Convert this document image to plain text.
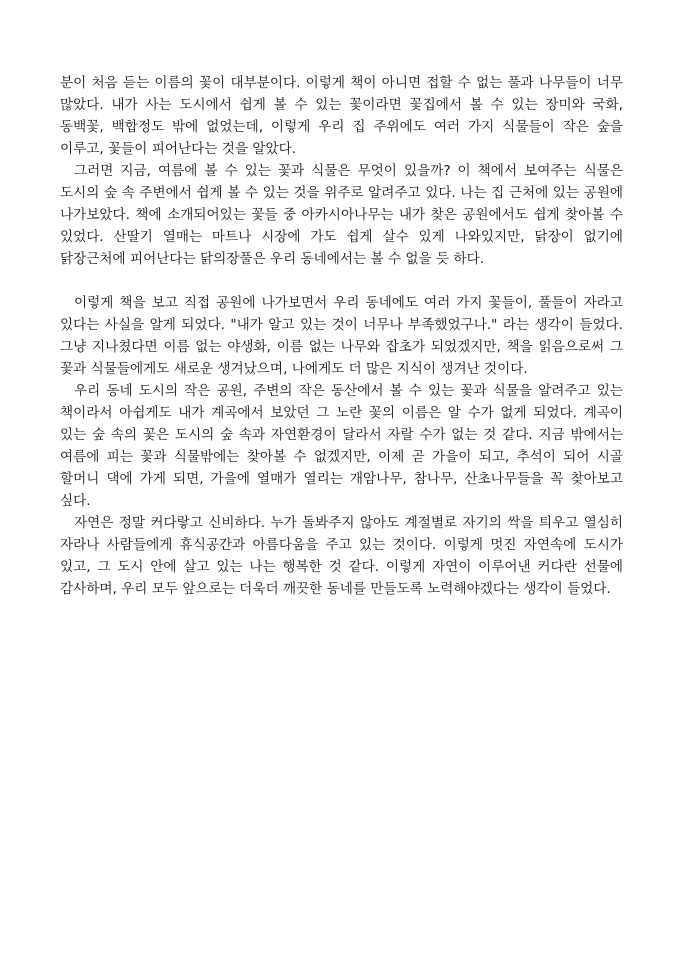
분이 처음 듣는 이름의 꽃이 대부분이다. 이렇게 책이 아니면 접할 수 없는 풀과 나무들이 너무 많았다. 내가 사는 도시에서 쉽게 볼 수 있는 꽃이라면 꽃집에서 볼 수 있는 장미와 국화, 동백꽃, 백합정도 밖에 없었는데, 이렇게 우리 집 주위에도 여러 가지 식물들이 작은 숲을 이루고, 꽃들이 피어난다는 것을 알았다.

그러면 지금, 여름에 볼 수 있는 꽃과 식물은 무엇이 있을까? 이 책에서 보여주는 식물은 도시의 숲 속 주변에서 쉽게 볼 수 있는 것을 위주로 알려주고 있다. 나는 집 근처에 있는 공원에 나가보았다. 책에 소개되어있는 꽃들 중 아카시아나무는 내가 찾은 공원에서도 쉽게 찾아볼 수 있었다. 산딸기 열매는 마트나 시장에 가도 쉽게 살수 있게 나와있지만, 닭장이 없기에 닭장근처에 피어난다는 닭의장풀은 우리 동네에서는 볼 수 없을 듯 하다.

이렇게 책을 보고 직접 공원에 나가보면서 우리 동네에도 여러 가지 꽃들이, 풀들이 자라고 있다는 사실을 알게 되었다. "내가 알고 있는 것이 너무나 부족했었구나." 라는 생각이 들었다. 그냥 지나쳤다면 이름 없는 야생화, 이름 없는 나무와 잡초가 되었겠지만, 책을 읽음으로써 그 꽃과 식물들에게도 새로운 생겨났으며, 나에게도 더 많은 지식이 생겨난 것이다.

우리 동네 도시의 작은 공원, 주변의 작은 동산에서 볼 수 있는 꽃과 식물을 알려주고 있는 책이라서 아쉽게도 내가 계곡에서 보았던 그 노란 꽃의 이름은 알 수가 없게 되었다. 계곡이 있는 숲 속의 꽃은 도시의 숲 속과 자연환경이 달라서 자랄 수가 없는 것 같다. 지금 밖에서는 여름에 피는 꽃과 식물밖에는 찾아볼 수 없겠지만, 이제 곧 가을이 되고, 추석이 되어 시골 할머니 댁에 가게 되면, 가을에 열매가 열리는 개암나무, 참나무, 산초나무들을 꼭 찾아보고 싶다.

자연은 정말 커다랗고 신비하다. 누가 돌봐주지 않아도 계절별로 자기의 싹을 틔우고 열심히 자라나 사람들에게 휴식공간과 아름다움을 주고 있는 것이다. 이렇게 멋진 자연속에 도시가 있고, 그 도시 안에 살고 있는 나는 행복한 것 같다. 이렇게 자연이 이루어낸 커다란 선물에 감사하며, 우리 모두 앞으로는 더욱더 깨끗한 동네를 만들도록 노력해야겠다는 생각이 들었다.
